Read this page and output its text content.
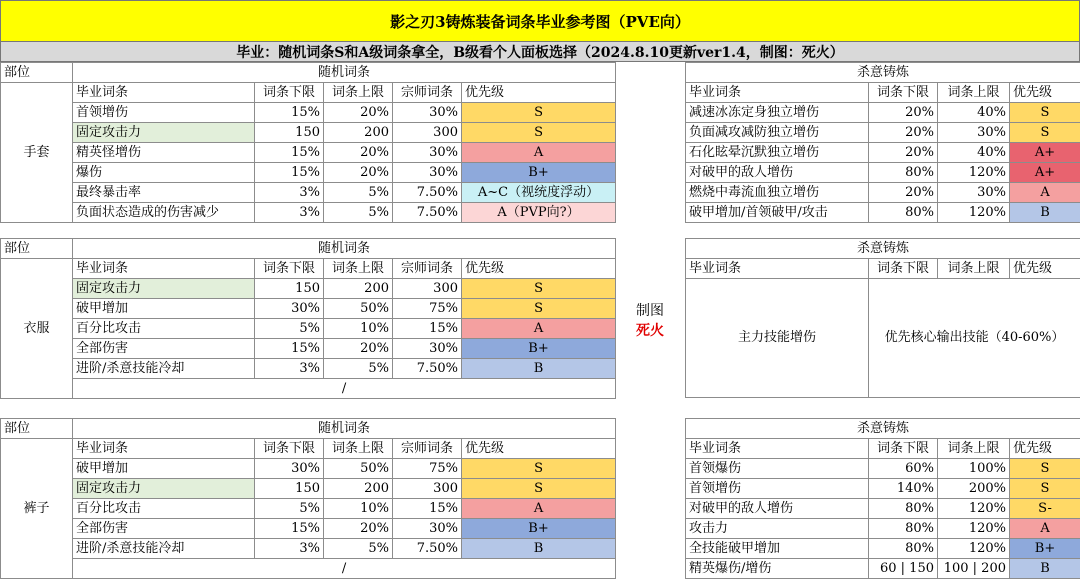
影之刃3铸炼装备词条毕业参考图（PVE向）
毕业：随机词条S和A级词条拿全，B级看个人面板选择（2024.8.10更新ver1.4，制图：死火）
部位	随机词条				
手套	毕业词条	词条下限	词条上限	宗师词条	优先级
	首领增伤	15%	20%	30%	S
	固定攻击力	150	200	300	S
	精英怪增伤	15%	20%	30%	A
	爆伤	15%	20%	30%	B+
	最终暴击率	3%	5%	7.50%	A~C（视统度浮动）
	负面状态造成的伤害减少	3%	5%	7.50%	A（PVP向?）
杀意铸炼			
毕业词条	词条下限	词条上限	优先级
减速冰冻定身独立增伤	20%	40%	S
负面减攻减防独立增伤	20%	30%	S
石化眩晕沉默独立增伤	20%	40%	A+
对破甲的敌人增伤	80%	120%	A+
燃烧中毒流血独立增伤	20%	30%	A
破甲增加/首领破甲/攻击	80%	120%	B
部位	随机词条				
衣服	毕业词条	词条下限	词条上限	宗师词条	优先级
	固定攻击力	150	200	300	S
	破甲增加	30%	50%	75%	S
	百分比攻击	5%	10%	15%	A
	全部伤害	15%	20%	30%	B+
	进阶/杀意技能冷却	3%	5%	7.50%	B
	/				
杀意铸炼			
毕业词条	词条下限	词条上限	优先级
主力技能增伤	优先核心输出技能（40-60%）		
制图
死火
部位	随机词条				
裤子	毕业词条	词条下限	词条上限	宗师词条	优先级
	破甲增加	30%	50%	75%	S
	固定攻击力	150	200	300	S
	百分比攻击	5%	10%	15%	A
	全部伤害	15%	20%	30%	B+
	进阶/杀意技能冷却	3%	5%	7.50%	B
	/				
杀意铸炼			
毕业词条	词条下限	词条上限	优先级
首领爆伤	60%	100%	S
首领增伤	140%	200%	S
对破甲的敌人增伤	80%	120%	S-
攻击力	80%	120%	A
全技能破甲增加	80%	120%	B+
精英爆伤/增伤	60 | 150	100 | 200	B
